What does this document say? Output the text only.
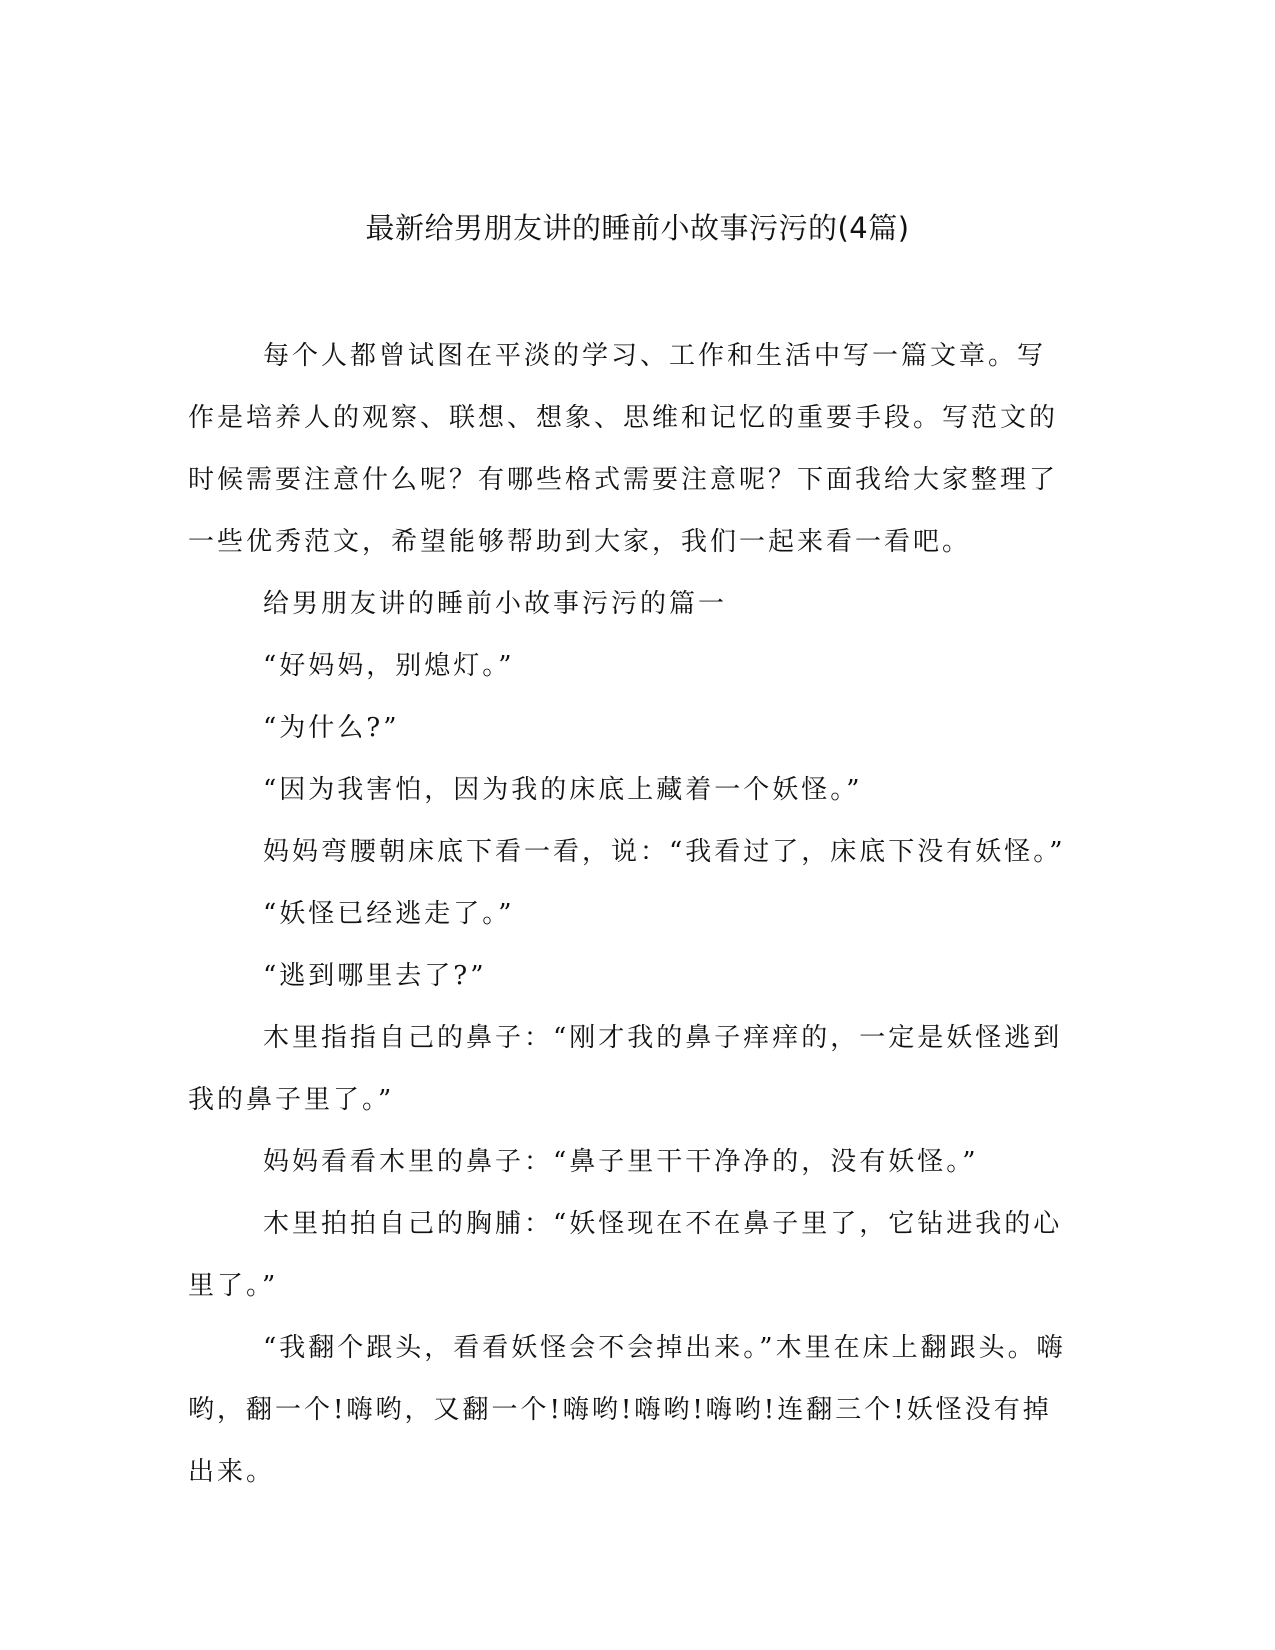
最新给男朋友讲的睡前小故事污污的(4篇)

每个人都曾试图在平淡的学习、工作和生活中写一篇文章。写作是培养人的观察、联想、想象、思维和记忆的重要手段。写范文的时候需要注意什么呢？有哪些格式需要注意呢？下面我给大家整理了一些优秀范文，希望能够帮助到大家，我们一起来看一看吧。

给男朋友讲的睡前小故事污污的篇一

“好妈妈，别熄灯。”

“为什么?”

“因为我害怕，因为我的床底上藏着一个妖怪。”

妈妈弯腰朝床底下看一看，说：“我看过了，床底下没有妖怪。”

“妖怪已经逃走了。”

“逃到哪里去了?”

木里指指自己的鼻子：“刚才我的鼻子痒痒的，一定是妖怪逃到我的鼻子里了。”

妈妈看看木里的鼻子：“鼻子里干干净净的，没有妖怪。”

木里拍拍自己的胸脯：“妖怪现在不在鼻子里了，它钻进我的心里了。”

“我翻个跟头，看看妖怪会不会掉出来。”木里在床上翻跟头。嗨哟，翻一个!嗨哟，又翻一个!嗨哟!嗨哟!嗨哟!连翻三个!妖怪没有掉出来。
